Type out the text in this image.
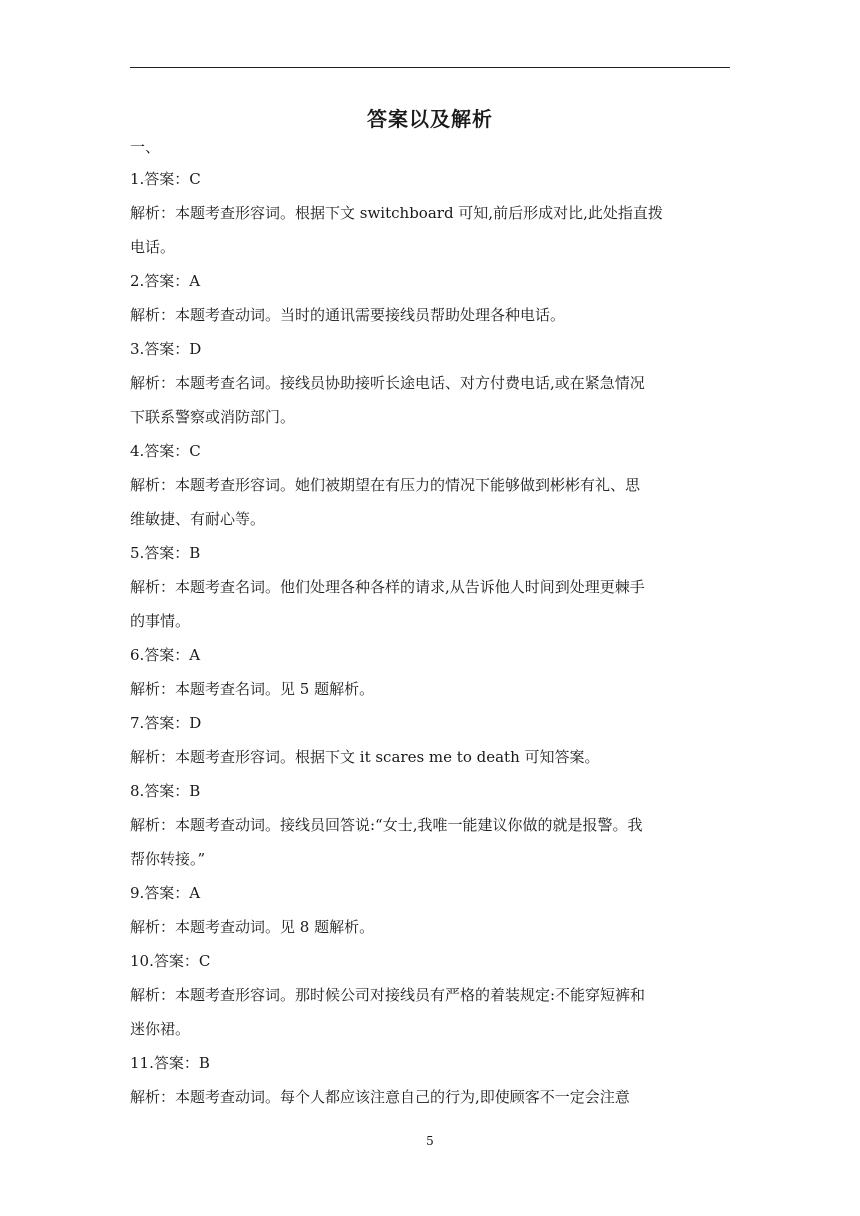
答案以及解析
一、
1.答案：C
解析：本题考查形容词。根据下文 switchboard 可知,前后形成对比,此处指直拨
电话。
2.答案：A
解析：本题考查动词。当时的通讯需要接线员帮助处理各种电话。
3.答案：D
解析：本题考查名词。接线员协助接听长途电话、对方付费电话,或在紧急情况
下联系警察或消防部门。
4.答案：C
解析：本题考查形容词。她们被期望在有压力的情况下能够做到彬彬有礼、思
维敏捷、有耐心等。
5.答案：B
解析：本题考查名词。他们处理各种各样的请求,从告诉他人时间到处理更棘手
的事情。
6.答案：A
解析：本题考查名词。见 5 题解析。
7.答案：D
解析：本题考查形容词。根据下文 it scares me to death 可知答案。
8.答案：B
解析：本题考查动词。接线员回答说:“女士,我唯一能建议你做的就是报警。我
帮你转接。”
9.答案：A
解析：本题考查动词。见 8 题解析。
10.答案：C
解析：本题考查形容词。那时候公司对接线员有严格的着装规定:不能穿短裤和
迷你裙。
11.答案：B
解析：本题考查动词。每个人都应该注意自己的行为,即使顾客不一定会注意
5
